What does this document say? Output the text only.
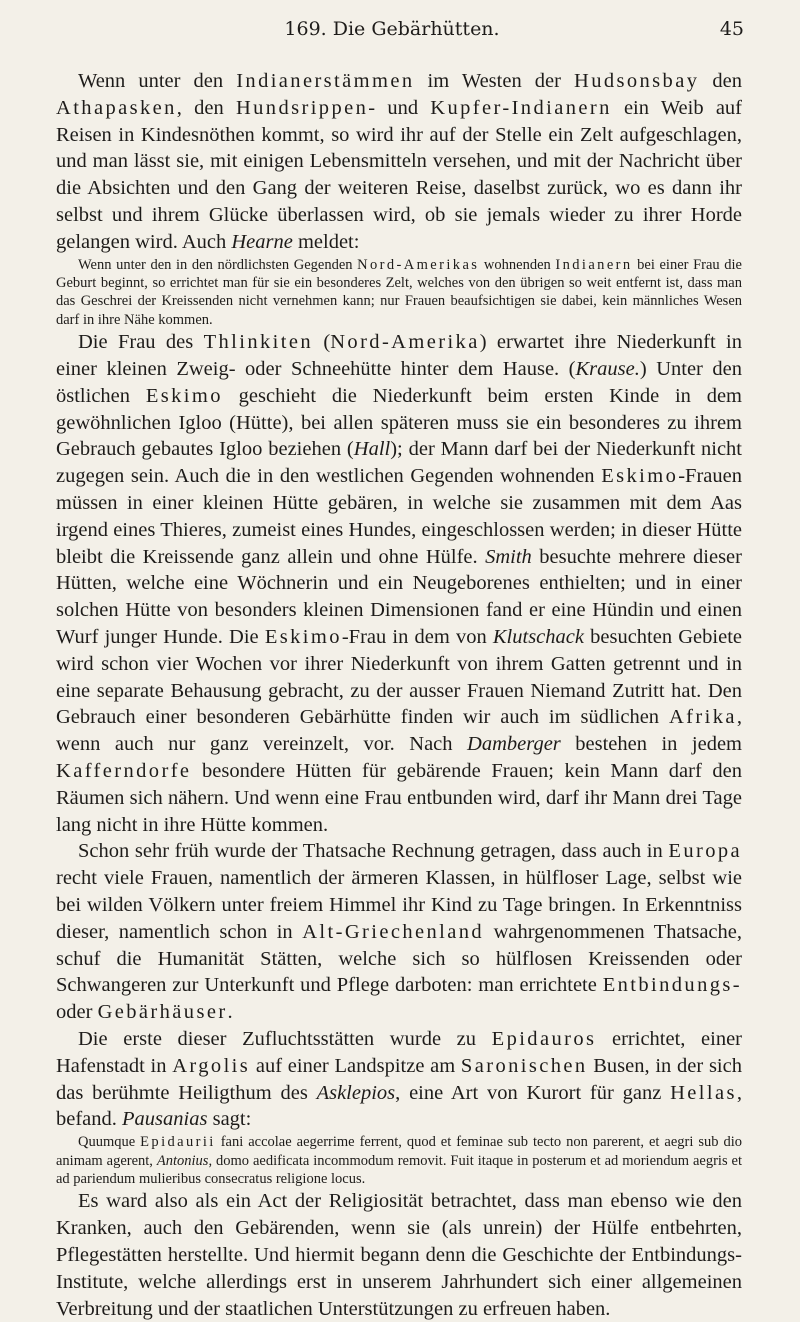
169. Die Gebärhütten.	45

Wenn unter den Indianerstämmen im Westen der Hudsonsbay den Athapasken, den Hundsrippen- und Kupfer-Indianern ein Weib auf Reisen in Kindesnöthen kommt, so wird ihr auf der Stelle ein Zelt aufgeschlagen, und man lässt sie, mit einigen Lebensmitteln versehen, und mit der Nachricht über die Absichten und den Gang der weiteren Reise, daselbst zurück, wo es dann ihr selbst und ihrem Glücke überlassen wird, ob sie jemals wieder zu ihrer Horde gelangen wird. Auch Hearne meldet:

Wenn unter den in den nördlichsten Gegenden Nord-Amerikas wohnenden Indianern bei einer Frau die Geburt beginnt, so errichtet man für sie ein besonderes Zelt, welches von den übrigen so weit entfernt ist, dass man das Geschrei der Kreissenden nicht vernehmen kann; nur Frauen beaufsichtigen sie dabei, kein männliches Wesen darf in ihre Nähe kommen.

Die Frau des Thlinkiten (Nord-Amerika) erwartet ihre Niederkunft in einer kleinen Zweig- oder Schneehütte hinter dem Hause. (Krause.) Unter den östlichen Eskimo geschieht die Niederkunft beim ersten Kinde in dem gewöhnlichen Igloo (Hütte), bei allen späteren muss sie ein besonderes zu ihrem Gebrauch gebautes Igloo beziehen (Hall); der Mann darf bei der Niederkunft nicht zugegen sein. Auch die in den westlichen Gegenden wohnenden Eskimo-Frauen müssen in einer kleinen Hütte gebären, in welche sie zusammen mit dem Aas irgend eines Thieres, zumeist eines Hundes, eingeschlossen werden; in dieser Hütte bleibt die Kreissende ganz allein und ohne Hülfe. Smith besuchte mehrere dieser Hütten, welche eine Wöchnerin und ein Neugeborenes enthielten; und in einer solchen Hütte von besonders kleinen Dimensionen fand er eine Hündin und einen Wurf junger Hunde. Die Eskimo-Frau in dem von Klutschack besuchten Gebiete wird schon vier Wochen vor ihrer Niederkunft von ihrem Gatten getrennt und in eine separate Behausung gebracht, zu der ausser Frauen Niemand Zutritt hat. Den Gebrauch einer besonderen Gebärhütte finden wir auch im südlichen Afrika, wenn auch nur ganz vereinzelt, vor. Nach Damberger bestehen in jedem Kafferndorfe besondere Hütten für gebärende Frauen; kein Mann darf den Räumen sich nähern. Und wenn eine Frau entbunden wird, darf ihr Mann drei Tage lang nicht in ihre Hütte kommen.

Schon sehr früh wurde der Thatsache Rechnung getragen, dass auch in Europa recht viele Frauen, namentlich der ärmeren Klassen, in hülfloser Lage, selbst wie bei wilden Völkern unter freiem Himmel ihr Kind zu Tage bringen. In Erkenntniss dieser, namentlich schon in Alt-Griechenland wahrgenommenen Thatsache, schuf die Humanität Stätten, welche sich so hülflosen Kreissenden oder Schwangeren zur Unterkunft und Pflege darboten: man errichtete Entbindungs- oder Gebärhäuser.

Die erste dieser Zufluchtsstätten wurde zu Epidauros errichtet, einer Hafenstadt in Argolis auf einer Landspitze am Saronischen Busen, in der sich das berühmte Heiligthum des Asklepios, eine Art von Kurort für ganz Hellas, befand. Pausanias sagt:

Quumque Epidaurii fani accolae aegerrime ferrent, quod et feminae sub tecto non parerent, et aegri sub dio animam agerent, Antonius, domo aedificata incommodum removit. Fuit itaque in posterum et ad moriendum aegris et ad pariendum mulieribus consecratus religione locus.

Es ward also als ein Act der Religiosität betrachtet, dass man ebenso wie den Kranken, auch den Gebärenden, wenn sie (als unrein) der Hülfe entbehrten, Pflegestätten herstellte. Und hiermit begann denn die Geschichte der Entbindungs-Institute, welche allerdings erst in unserem Jahrhundert sich einer allgemeinen Verbreitung und der staatlichen Unterstützungen zu erfreuen haben.
